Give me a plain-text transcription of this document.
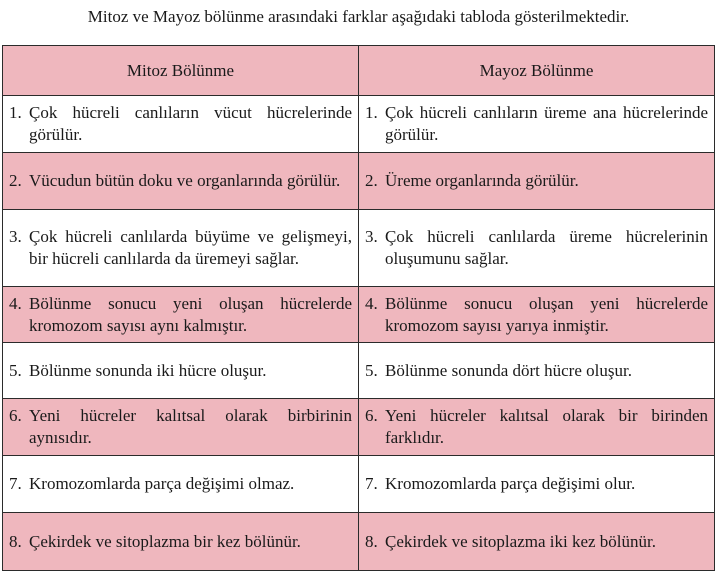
Mitoz ve Mayoz bölünme arasındaki farklar aşağıdaki tabloda gösterilmektedir.
Mitoz Bölünme	Mayoz Bölünme

1. Çok hücreli canlıların vücut hücrelerinde görülür.	1. Çok hücreli canlıların üreme ana hücrelerinde görülür.

2. Vücudun bütün doku ve organlarında görülür.	2. Üreme organlarında görülür.

3. Çok hücreli canlılarda büyüme ve gelişmeyi, bir hücreli canlılarda da üremeyi sağlar.	3. Çok hücreli canlılarda üreme hücrelerinin oluşumunu sağlar.

4. Bölünme sonucu yeni oluşan hücrelerde kromozom sayısı aynı kalmıştır.	4. Bölünme sonucu oluşan yeni hücrelerde kromozom sayısı yarıya inmiştir.

5. Bölünme sonunda iki hücre oluşur.	5. Bölünme sonunda dört hücre oluşur.

6. Yeni hücreler kalıtsal olarak birbirinin aynısıdır.	6. Yeni hücreler kalıtsal olarak bir birinden farklıdır.

7. Kromozomlarda parça değişimi olmaz.	7. Kromozomlarda parça değişimi olur.

8. Çekirdek ve sitoplazma bir kez bölünür.	8. Çekirdek ve sitoplazma iki kez bölünür.
